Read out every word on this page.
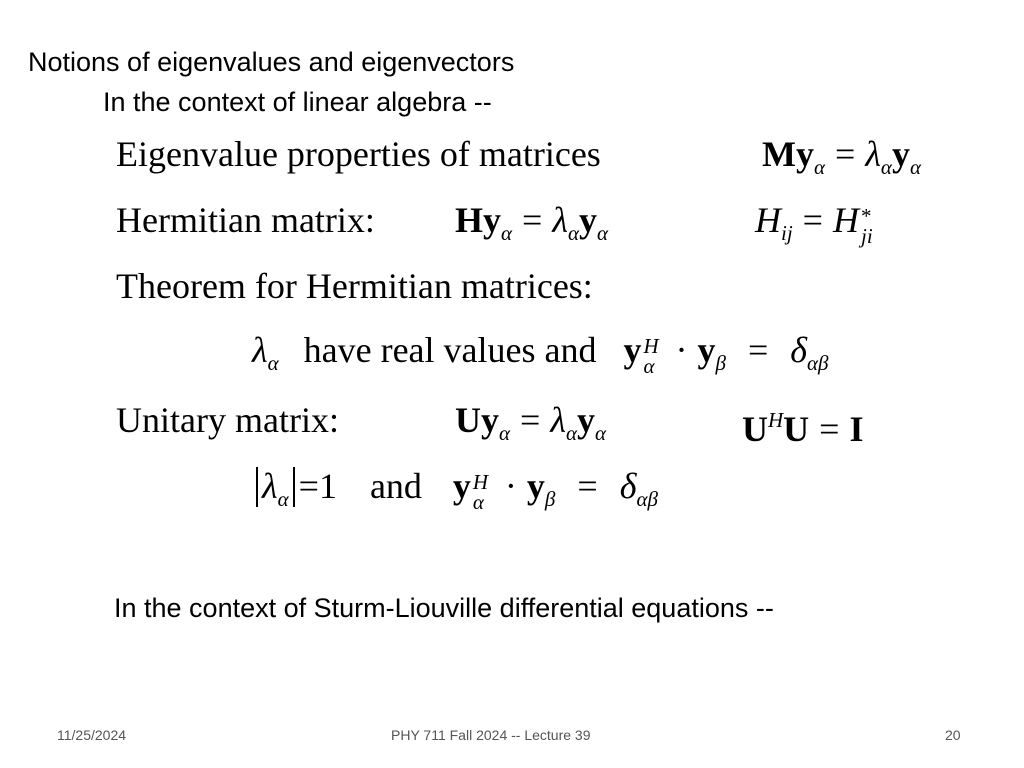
Notions of eigenvalues and eigenvectors
In the context of linear algebra --
Eigenvalue properties of matrices	$My_\alpha = \lambda_\alpha y_\alpha$
Hermitian matrix: $Hy_\alpha = \lambda_\alpha y_\alpha$	$H_{ij} = H$ *
ji
Theorem for Hermitian matrices:
$\lambda_\alpha$ have real values and y H
$\alpha \cdot y_\beta = \delta_{\alpha\beta}$
Unitary matrix:	$Uy_\alpha = \lambda_\alpha y_\alpha$	$U^HU = I$
$\lambda_\alpha =1$ and y H
$\alpha \cdot y_\beta = \delta_{\alpha\beta}$
In the context of Sturm-Liouville differential equations --
11/25/2024	PHY 711 Fall 2024 -- Lecture 39	20
